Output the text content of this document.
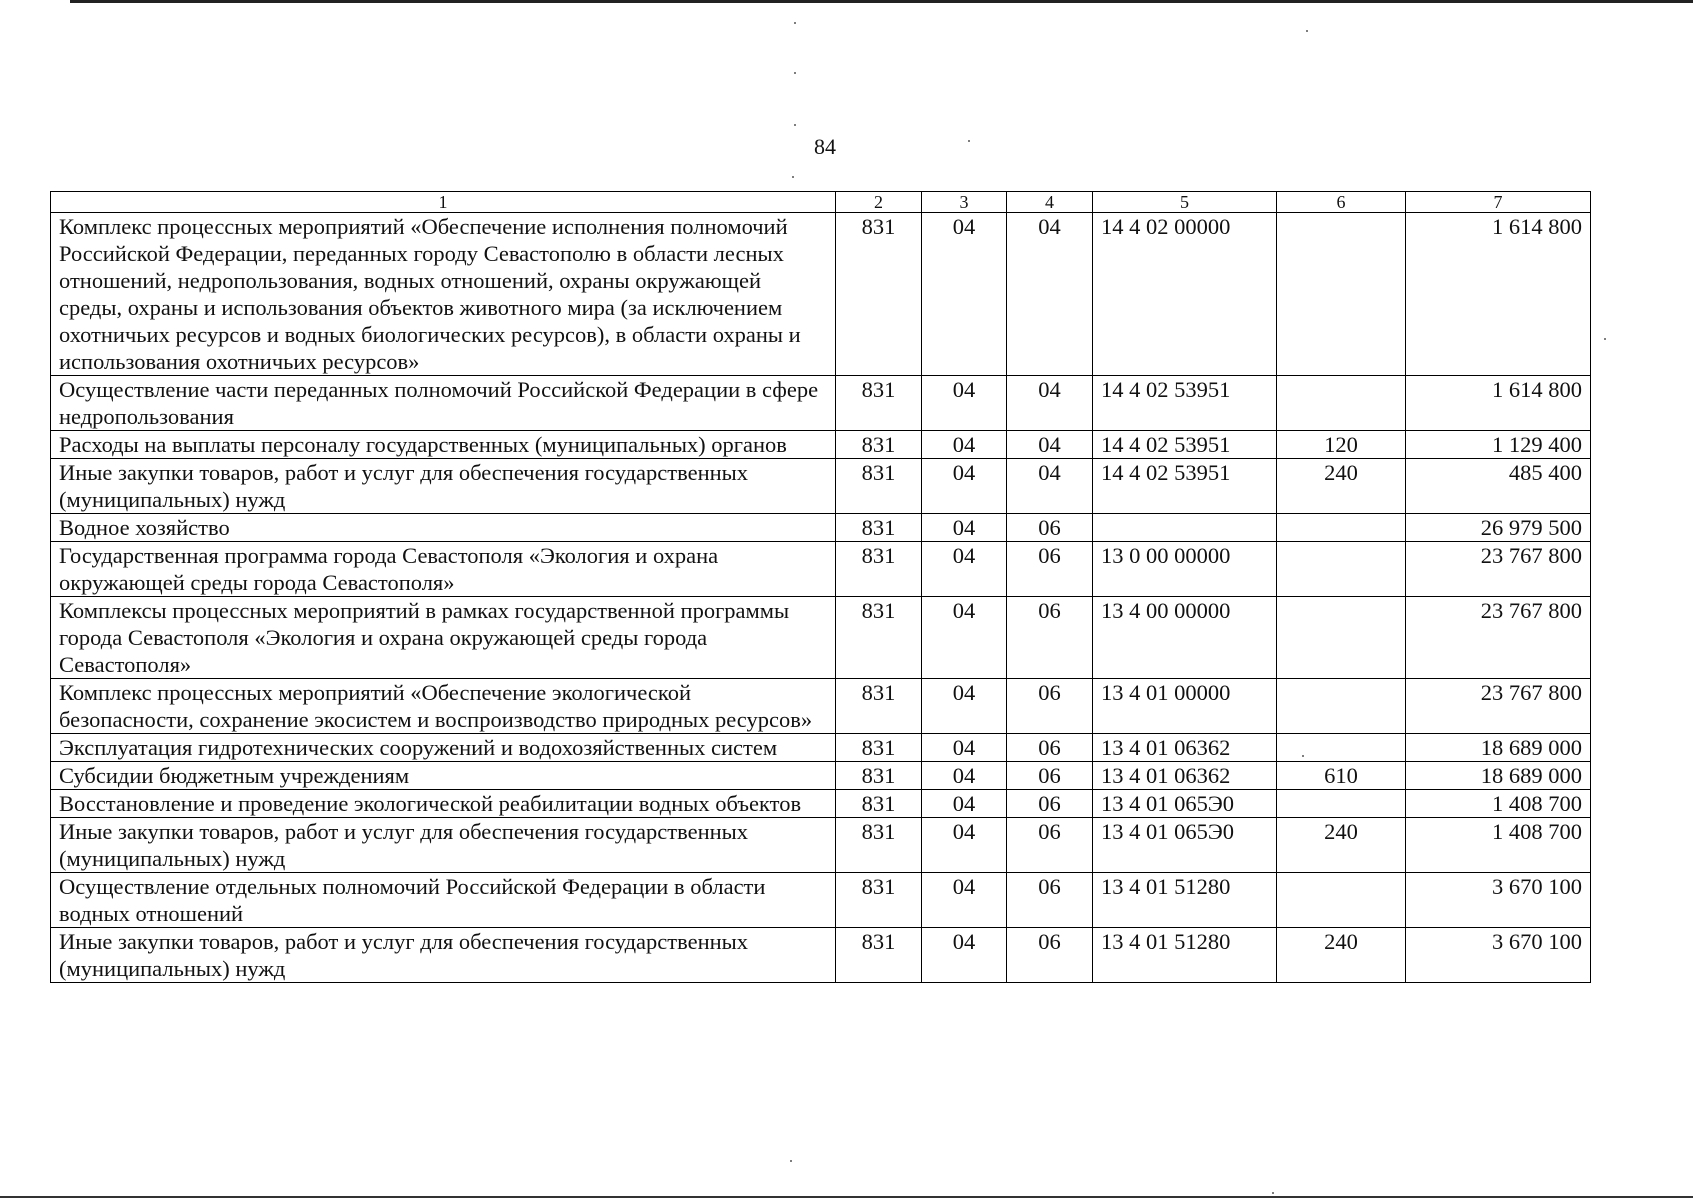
84
1	2	3	4	5	6	7
Комплекс процессных мероприятий «Обеспечение исполнения полномочий Российской Федерации, переданных городу Севастополю в области лесных отношений, недропользования, водных отношений, охраны окружающей среды, охраны и использования объектов животного мира (за исключением охотничьих ресурсов и водных биологических ресурсов), в области охраны и использования охотничьих ресурсов»	831	04	04	14 4 02 00000		1 614 800
Осуществление части переданных полномочий Российской Федерации в сфере недропользования	831	04	04	14 4 02 53951		1 614 800
Расходы на выплаты персоналу государственных (муниципальных) органов	831	04	04	14 4 02 53951	120	1 129 400
Иные закупки товаров, работ и услуг для обеспечения государственных (муниципальных) нужд	831	04	04	14 4 02 53951	240	485 400
Водное хозяйство	831	04	06			26 979 500
Государственная программа города Севастополя «Экология и охрана окружающей среды города Севастополя»	831	04	06	13 0 00 00000		23 767 800
Комплексы процессных мероприятий в рамках государственной программы города Севастополя «Экология и охрана окружающей среды города Севастополя»	831	04	06	13 4 00 00000		23 767 800
Комплекс процессных мероприятий «Обеспечение экологической безопасности, сохранение экосистем и воспроизводство природных ресурсов»	831	04	06	13 4 01 00000		23 767 800
Эксплуатация гидротехнических сооружений и водохозяйственных систем	831	04	06	13 4 01 06362		18 689 000
Субсидии бюджетным учреждениям	831	04	06	13 4 01 06362	610	18 689 000
Восстановление и проведение экологической реабилитации водных объектов	831	04	06	13 4 01 065Э0		1 408 700
Иные закупки товаров, работ и услуг для обеспечения государственных (муниципальных) нужд	831	04	06	13 4 01 065Э0	240	1 408 700
Осуществление отдельных полномочий Российской Федерации в области водных отношений	831	04	06	13 4 01 51280		3 670 100
Иные закупки товаров, работ и услуг для обеспечения государственных (муниципальных) нужд	831	04	06	13 4 01 51280	240	3 670 100
